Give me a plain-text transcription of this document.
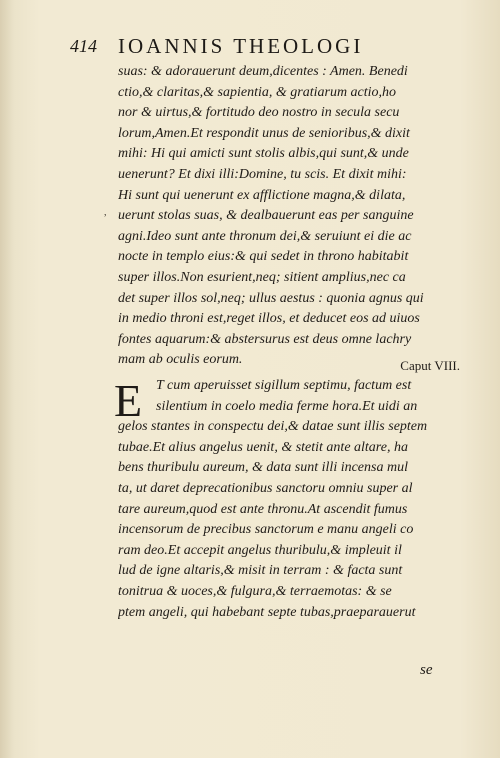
414 IOANNIS THEOLOGI
,
suas: & adorauerunt deum,dicentes : Amen. Benedi
ctio,& claritas,& sapientia, & gratiarum actio,ho
nor & uirtus,& fortitudo deo nostro in secula secu
lorum,Amen.Et respondit unus de senioribus,& dixit
mihi: Hi qui amicti sunt stolis albis,qui sunt,& unde
uenerunt? Et dixi illi:Domine, tu scis. Et dixit mihi:
Hi sunt qui uenerunt ex afflictione magna,& dilata,
uerunt stolas suas, & dealbauerunt eas per sanguine
agni.Ideo sunt ante thronum dei,& seruiunt ei die ac
nocte in templo eius:& qui sedet in throno habitabit
super illos.Non esurient,neq; sitient amplius,nec ca
det super illos sol,neq; ullus aestus : quonia agnus qui
in medio throni est,reget illos, et deducet eos ad uiuos
fontes aquarum:& abstersurus est deus omne lachry
mam ab oculis eorum.	Caput VIII.
E T cum aperuisset sigillum septimu, factum est
silentium in coelo media ferme hora.Et uidi an
gelos stantes in conspectu dei,& datae sunt illis septem
tubae.Et alius angelus uenit, & stetit ante altare, ha
bens thuribulu aureum, & data sunt illi incensa mul
ta, ut daret deprecationibus sanctoru omniu super al
tare aureum,quod est ante thronu.At ascendit fumus
incensorum de precibus sanctorum e manu angeli co
ram deo.Et accepit angelus thuribulu,& impleuit il
lud de igne altaris,& misit in terram : & facta sunt
tonitrua & uoces,& fulgura,& terraemotas: & se
ptem angeli, qui habebant septe tubas,praeparauerut
se
